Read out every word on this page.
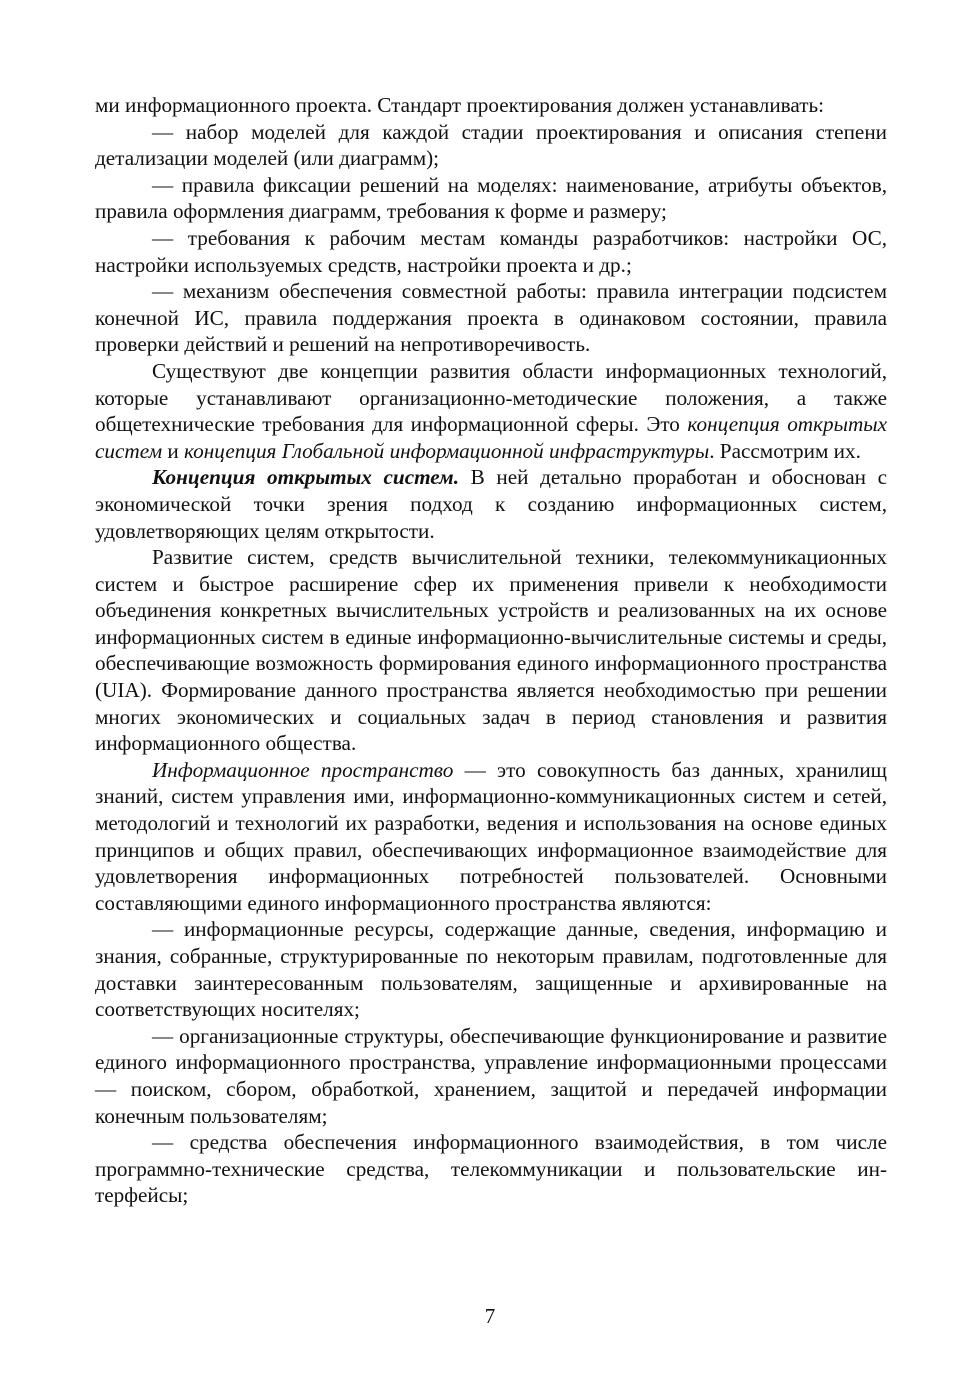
ми информационного проекта. Стандарт проектирования должен устанавливать:

— набор моделей для каждой стадии проектирования и описания степени детализации моделей (или диаграмм);

— правила фиксации решений на моделях: наименование, атрибуты объектов, правила оформления диаграмм, требования к форме и размеру;

— требования к рабочим местам команды разработчиков: настройки ОС, настройки используемых средств, настройки проекта и др.;

— механизм обеспечения совместной работы: правила интеграции подсистем конечной ИС, правила поддержания проекта в одинаковом состоянии, правила проверки действий и решений на непротиворечивость.

Существуют две концепции развития области информационных технологий, которые устанавливают организационно-методические положения, а также общетехнические требования для информационной сферы. Это концепция открытых систем и концепция Глобальной информационной инфраструктуры. Рассмотрим их.

Концепция открытых систем. В ней детально проработан и обоснован с экономической точки зрения подход к созданию информационных систем, удовлетворяющих целям открытости.

Развитие систем, средств вычислительной техники, телекоммуникационных систем и быстрое расширение сфер их применения привели к необходимости объединения конкретных вычислительных устройств и реализованных на их основе информационных систем в единые информационно-вычислительные системы и среды, обеспечивающие возможность формирования единого информационного пространства (UIA). Формирование данного пространства является необходимостью при решении многих экономических и социальных задач в период становления и развития информационного общества.

Информационное пространство — это совокупность баз данных, хранилищ знаний, систем управления ими, информационно-коммуникационных систем и сетей, методологий и технологий их разработки, ведения и использования на основе единых принципов и общих правил, обеспечивающих информационное взаимодействие для удовлетворения информационных потребностей пользователей. Основными составляющими единого информационного пространства являются:

— информационные ресурсы, содержащие данные, сведения, информацию и знания, собранные, структурированные по некоторым правилам, подготовленные для доставки заинтересованным пользователям, защищенные и архивированные на соответствующих носителях;

— организационные структуры, обеспечивающие функционирование и развитие единого информационного пространства, управление информационными процессами — поиском, сбором, обработкой, хранением, защитой и передачей информации конечным пользователям;

— средства обеспечения информационного взаимодействия, в том числе программно-технические средства, телекоммуникации и пользовательские интерфейсы;

7
